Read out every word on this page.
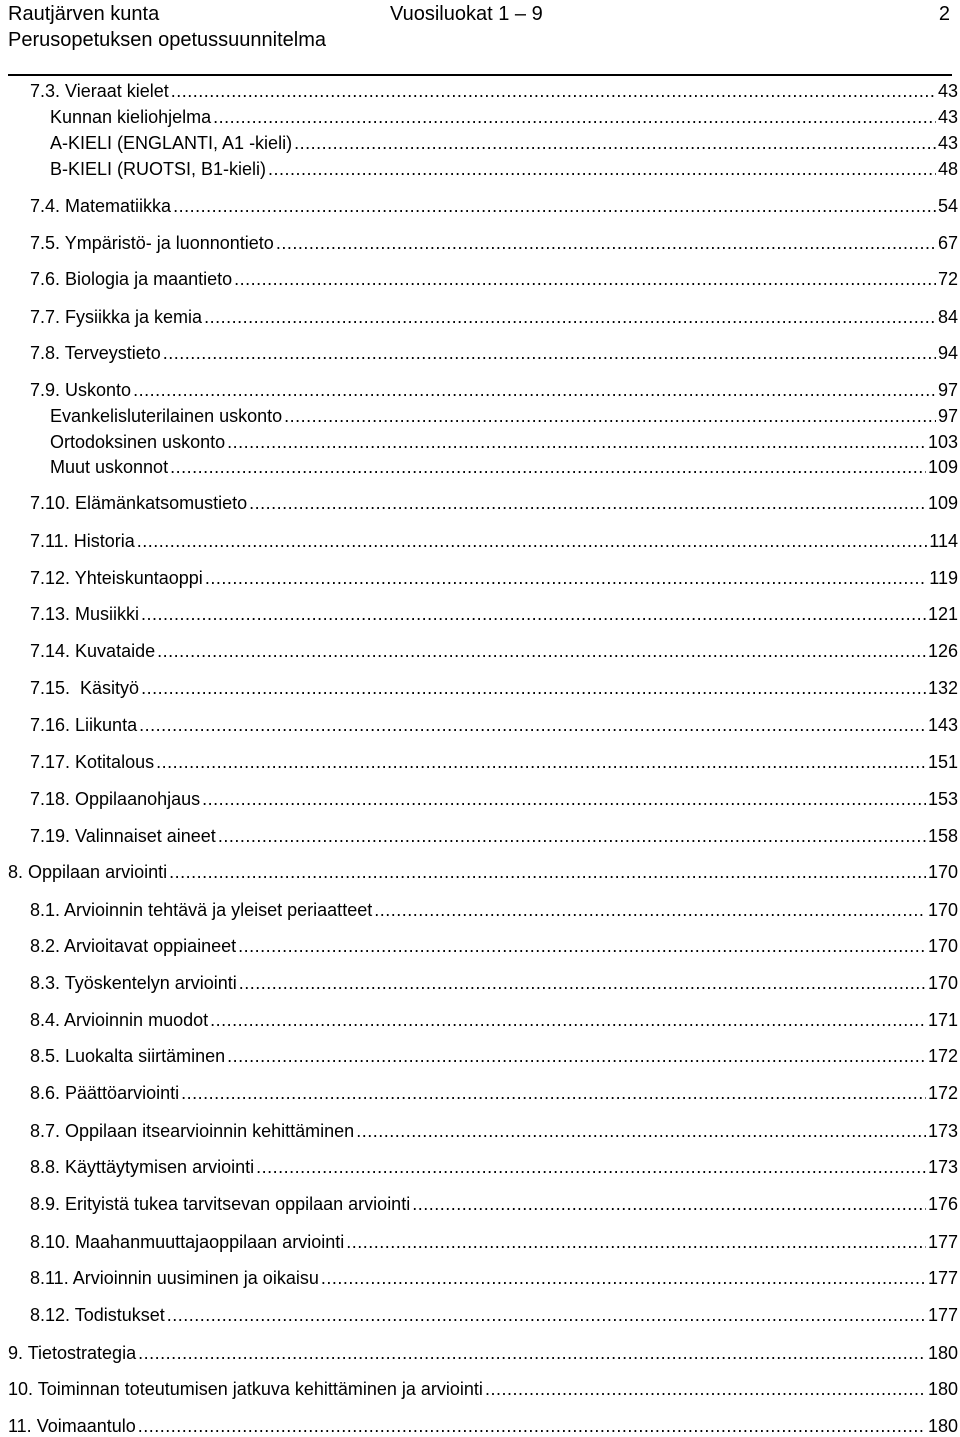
Rautjärven kunta
Perusopetuksen opetussuunnitelma
Vuosiluokat 1 – 9	2
7.3. Vieraat kielet .....	43
Kunnan kieliohjelma .....	43
A-KIELI (ENGLANTI, A1 -kieli) .....	43
B-KIELI (RUOTSI, B1-kieli) .....	48
7.4. Matematiikka .....	54
7.5. Ympäristö- ja luonnontieto .....	67
7.6. Biologia ja maantieto .....	72
7.7. Fysiikka ja kemia .....	84
7.8. Terveystieto .....	94
7.9. Uskonto .....	97
Evankelisluterilainen uskonto .....	97
Ortodoksinen uskonto .....	103
Muut uskonnot .....	109
7.10. Elämänkatsomustieto .....	109
7.11. Historia .....	114
7.12. Yhteiskuntaoppi .....	119
7.13. Musiikki .....	121
7.14. Kuvataide .....	126
7.15.  Käsityö .....	132
7.16. Liikunta .....	143
7.17. Kotitalous .....	151
7.18. Oppilaanohjaus .....	153
7.19. Valinnaiset aineet .....	158
8. Oppilaan arviointi .....	170
8.1. Arvioinnin tehtävä ja yleiset periaatteet .....	170
8.2. Arvioitavat oppiaineet .....	170
8.3. Työskentelyn arviointi .....	170
8.4. Arvioinnin muodot .....	171
8.5. Luokalta siirtäminen .....	172
8.6. Päättöarviointi .....	172
8.7. Oppilaan itsearvioinnin kehittäminen .....	173
8.8. Käyttäytymisen arviointi .....	173
8.9. Erityistä tukea tarvitsevan oppilaan arviointi .....	176
8.10. Maahanmuuttajaoppilaan arviointi .....	177
8.11. Arvioinnin uusiminen ja oikaisu .....	177
8.12. Todistukset .....	177
9. Tietostrategia .....	180
10. Toiminnan toteutumisen jatkuva kehittäminen ja arviointi .....	180
11. Voimaantulo .....	180
